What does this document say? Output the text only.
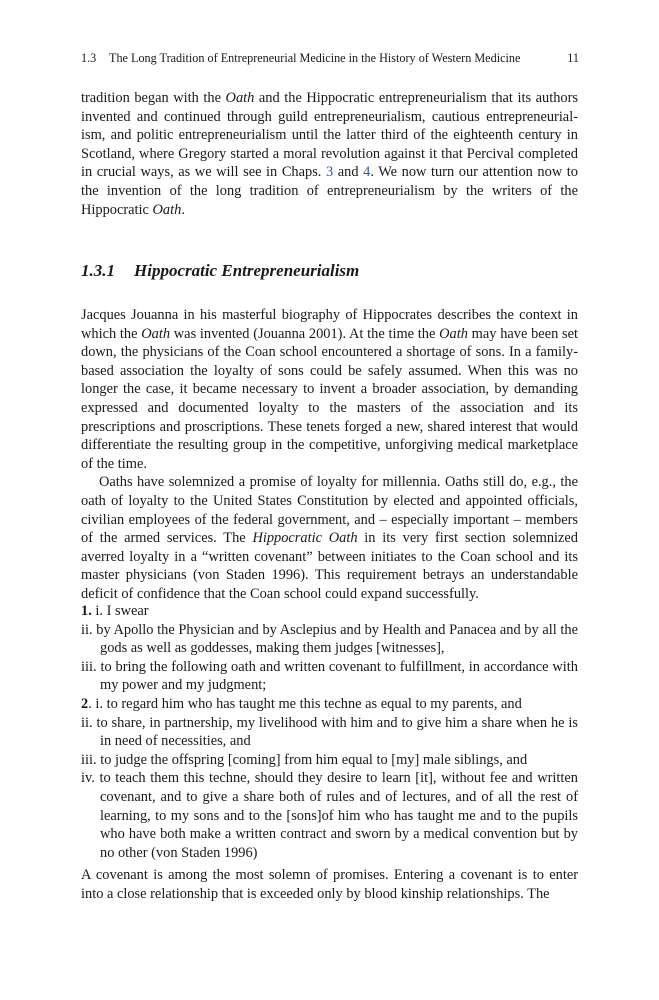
1.3 The Long Tradition of Entrepreneurial Medicine in the History of Western Medicine	11

tradition began with the Oath and the Hippocratic entrepreneurialism that its authors invented and continued through guild entrepreneurialism, cautious entrepreneurialism, and politic entrepreneurialism until the latter third of the eighteenth century in Scotland, where Gregory started a moral revolution against it that Percival completed in crucial ways, as we will see in Chaps. 3 and 4. We now turn our attention now to the invention of the long tradition of entrepreneurialism by the writers of the Hippocratic Oath.

1.3.1 Hippocratic Entrepreneurialism

Jacques Jouanna in his masterful biography of Hippocrates describes the context in which the Oath was invented (Jouanna 2001). At the time the Oath may have been set down, the physicians of the Coan school encountered a shortage of sons. In a family-based association the loyalty of sons could be safely assumed. When this was no longer the case, it became necessary to invent a broader association, by demanding expressed and documented loyalty to the masters of the association and its prescriptions and proscriptions. These tenets forged a new, shared interest that would differentiate the resulting group in the competitive, unforgiving medical marketplace of the time.

Oaths have solemnized a promise of loyalty for millennia. Oaths still do, e.g., the oath of loyalty to the United States Constitution by elected and appointed officials, civilian employees of the federal government, and – especially important – members of the armed services. The Hippocratic Oath in its very first section solemnized averred loyalty in a “written covenant” between initiates to the Coan school and its master physicians (von Staden 1996). This requirement betrays an understandable deficit of confidence that the Coan school could expand successfully.

1. i. I swear

ii. by Apollo the Physician and by Asclepius and by Health and Panacea and by all the gods as well as goddesses, making them judges [witnesses],

iii. to bring the following oath and written covenant to fulfillment, in accordance with my power and my judgment;

2. i. to regard him who has taught me this techne as equal to my parents, and

ii. to share, in partnership, my livelihood with him and to give him a share when he is in need of necessities, and

iii. to judge the offspring [coming] from him equal to [my] male siblings, and

iv. to teach them this techne, should they desire to learn [it], without fee and written covenant, and to give a share both of rules and of lectures, and of all the rest of learning, to my sons and to the [sons]of him who has taught me and to the pupils who have both make a written contract and sworn by a medical convention but by no other (von Staden 1996)

A covenant is among the most solemn of promises. Entering a covenant is to enter into a close relationship that is exceeded only by blood kinship relationships. The
